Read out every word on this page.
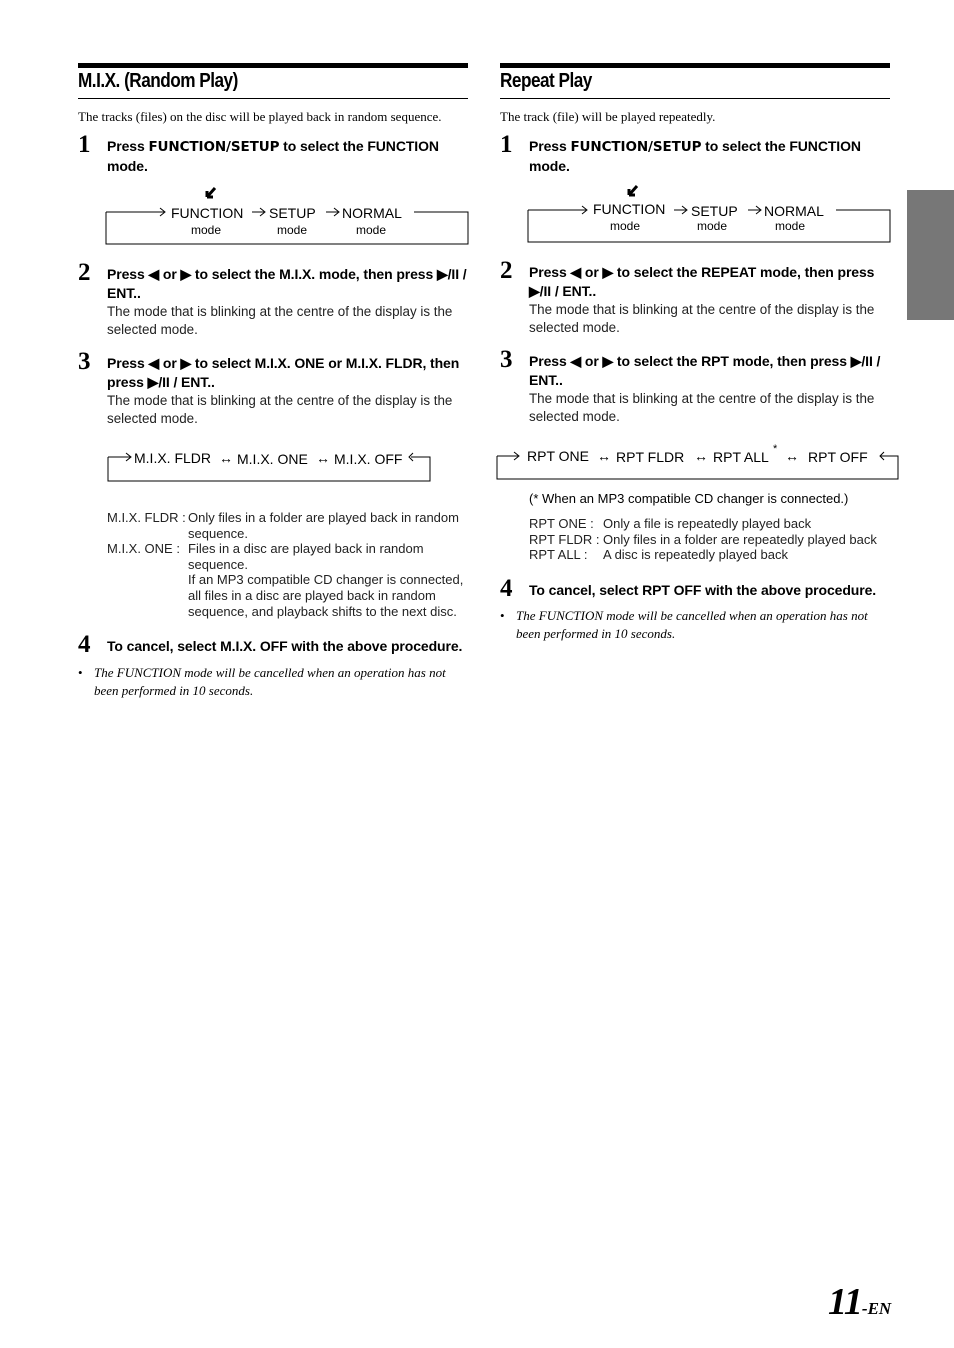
M.I.X. (Random Play)

The tracks (files) on the disc will be played back in random sequence.

1 Press FUNCTION/SETUP to select the FUNCTION mode.
FUNCTION SETUP NORMAL
mode	mode	mode
2 Press ◀ or ▶ to select the M.I.X. mode, then press ▶/II / ENT..
The mode that is blinking at the centre of the display is the selected mode.
3 Press ◀ or ▶ to select M.I.X. ONE or M.I.X. FLDR, then press ▶/II / ENT..
The mode that is blinking at the centre of the display is the selected mode.
M.I.X. FLDR ↔ M.I.X. ONE ↔ M.I.X. OFF
M.I.X. FLDR : Only files in a folder are played back in random sequence.
M.I.X. ONE : Files in a disc are played back in random sequence.
If an MP3 compatible CD changer is connected, all files in a disc are played back in random sequence, and playback shifts to the next disc.
4 To cancel, select M.I.X. OFF with the above procedure.
• The FUNCTION mode will be cancelled when an operation has not been performed in 10 seconds.
Repeat Play

The track (file) will be played repeatedly.

1 Press FUNCTION/SETUP to select the FUNCTION mode.
FUNCTION SETUP NORMAL
mode	mode	mode
2 Press ◀ or ▶ to select the REPEAT mode, then press ▶/II / ENT..
The mode that is blinking at the centre of the display is the selected mode.
3 Press ◀ or ▶ to select the RPT mode, then press ▶/II / ENT..
The mode that is blinking at the centre of the display is the selected mode.
RPT ONE ↔ RPT FLDR ↔ RPT ALL * ↔ RPT OFF
(* When an MP3 compatible CD changer is connected.)
RPT ONE : Only a file is repeatedly played back
RPT FLDR : Only files in a folder are repeatedly played back
RPT ALL : A disc is repeatedly played back
4 To cancel, select RPT OFF with the above procedure.
• The FUNCTION mode will be cancelled when an operation has not been performed in 10 seconds.
11-EN
